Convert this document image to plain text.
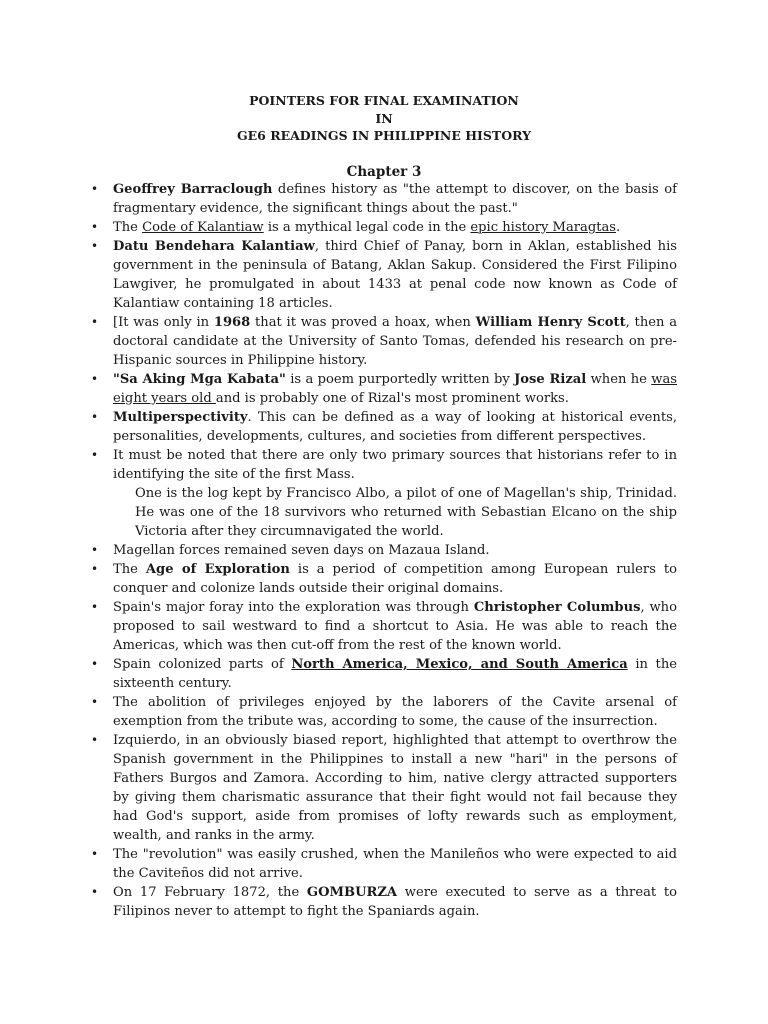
POINTERS FOR FINAL EXAMINATION
IN
GE6 READINGS IN PHILIPPINE HISTORY
Chapter 3
• Geoffrey Barraclough defines history as "the attempt to discover, on the basis of fragmentary evidence, the significant things about the past."
• The Code of Kalantiaw is a mythical legal code in the epic history Maragtas.
• Datu Bendehara Kalantiaw, third Chief of Panay, born in Aklan, established his government in the peninsula of Batang, Aklan Sakup. Considered the First Filipino Lawgiver, he promulgated in about 1433 at penal code now known as Code of Kalantiaw containing 18 articles.
• [It was only in 1968 that it was proved a hoax, when William Henry Scott, then a doctoral candidate at the University of Santo Tomas, defended his research on pre-Hispanic sources in Philippine history.
• "Sa Aking Mga Kabata" is a poem purportedly written by Jose Rizal when he was eight years old and is probably one of Rizal's most prominent works.
• Multiperspectivity. This can be defined as a way of looking at historical events, personalities, developments, cultures, and societies from different perspectives.
• It must be noted that there are only two primary sources that historians refer to in identifying the site of the first Mass.
One is the log kept by Francisco Albo, a pilot of one of Magellan's ship, Trinidad. He was one of the 18 survivors who returned with Sebastian Elcano on the ship Victoria after they circumnavigated the world.
• Magellan forces remained seven days on Mazaua Island.
• The Age of Exploration is a period of competition among European rulers to conquer and colonize lands outside their original domains.
• Spain's major foray into the exploration was through Christopher Columbus, who proposed to sail westward to find a shortcut to Asia. He was able to reach the Americas, which was then cut-off from the rest of the known world.
• Spain colonized parts of North America, Mexico, and South America in the sixteenth century.
• The abolition of privileges enjoyed by the laborers of the Cavite arsenal of exemption from the tribute was, according to some, the cause of the insurrection.
• Izquierdo, in an obviously biased report, highlighted that attempt to overthrow the Spanish government in the Philippines to install a new "hari" in the persons of Fathers Burgos and Zamora. According to him, native clergy attracted supporters by giving them charismatic assurance that their fight would not fail because they had God's support, aside from promises of lofty rewards such as employment, wealth, and ranks in the army.
• The "revolution" was easily crushed, when the Manileños who were expected to aid the Caviteños did not arrive.
• On 17 February 1872, the GOMBURZA were executed to serve as a threat to Filipinos never to attempt to fight the Spaniards again.
